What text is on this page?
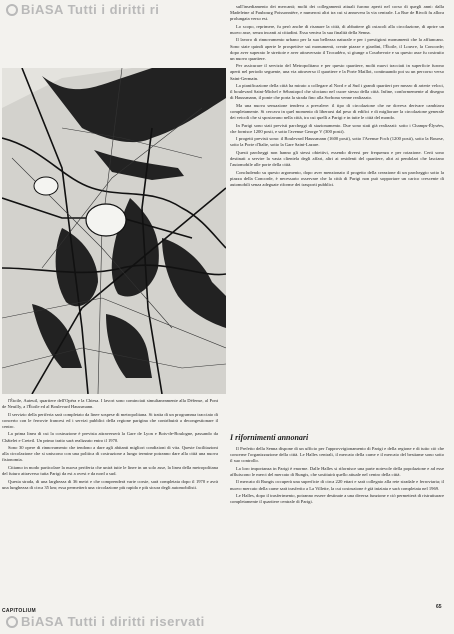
BiASA Tutti i diritti ri	sull'insediamento dei mercanti; molti dei collegamenti attuali furono aperti nel corso di quegli anni: dalla Madeleine al Faubourg Poissonnière, e numerosi altri tra cui si annovera la via centrale. La Rue de Rivoli fu allora prolungata verso est.

Lo scopo, reprimere, fu però anche di risanare la città, di abbattere gli ostacoli alla circolazione, di aprire un nuovo asse, senza incanti ai cittadini. Essa veniva la sua finalità della Senna.

Il lavoro di rinnovamento urbano per la sua bellezza naturale e per i prestigiosi monumenti che la affiancano. Sono state quindi aperte le prospettive sui monumenti, create piazze e giardini, l'Étoile, il Louvre, la Concorde; dopo aver superato le strettoie e aver attraversato il Trocadéro, si giunge a Courbevoie e su questo asse fu costruito un nuovo quartiere.

Per assicurare il servizio del Metropolitano e per questo quartiere, molti nuovi tracciati in superficie furono aperti nel periodo seguente, una via attraverso il quartiere e la Porte Maillot, continuando poi su un percorso verso Saint-Germain.

La pianificazione della città ha mirato a collegare al Nord e al Sud i grandi quartieri per mezzo di arterie veloci, il boulevard Saint-Michel e Sébastopol che sfociano nel cuore stesso della città. Infine, conformemente al disegno di Haussmann, il ponte che porta la strada fino alla Sorbona venne realizzato.

Ma una nuova sensazione tendeva a prevalere: il tipo di circolazione che ne doveva derivare cambiava completamente. Si cercava in quel momento di liberarsi dal peso di edifici e di migliorare la circolazione generale dei veicoli che si spostavano nella città, tra cui quelli a Parigi e in tutte le città del mondo.

In Parigi sono stati previsti parcheggi di stazionamento. Due sono stati già realizzati: sotto i Champs-Élysées, che fornisce 1200 posti, e sotto l'avenue George V (300 posti).

I progetti previsti sono: il Boulevard Haussmann (1600 posti), sotto l'Avenue Foch (1200 posti), sotto la Bourse, sotto la Porte d'Italie, sotto la Gare Saint-Lazare.

Questi parcheggi non hanno gli stessi obiettivi, essendo diversi per frequenza e per rotazione. Certi sono destinati a servire la vasta clientela degli affari, altri ai residenti del quartiere, altri ai pendolari che lasciano l'automobile alle porte della città.

Concludendo su questo argomento, dopo aver menzionato il progetto della creazione di un parcheggio sotto la piazza della Concorde, è necessario osservare che la città di Parigi non può sopportare un carico crescente di automobili senza adeguate riforme dei trasporti pubblici.

I rifornimenti annonari

Il Prefetto della Senna dispone di un ufficio per l'approvvigionamento di Parigi e della regione e di tutto ciò che concerne l'organizzazione della città. Le Halles centrali, il mercato della carne e il mercato del bestiame sono sotto il suo controllo.

La loro importanza in Parigi è enorme. Dalle Halles si rifornisce una parte notevole della popolazione e ad esse affluiscono le merci del mercato di Rungis, che sostituirà quello attuale nel centro della città.

Il mercato di Rungis occuperà una superficie di circa 220 ettari e sarà collegato alla rete stradale e ferroviaria; il nuovo mercato della carne sarà trasferito a La Villette, la cui costruzione è già iniziata e sarà completata nel 1969.

Le Halles, dopo il trasferimento, potranno essere destinate a una diversa funzione e ciò permetterà di ristrutturare completamente il quartiere centrale di Parigi.

l'Étoile, Auteuil, quartiere dell'Opéra e la Chiesa. I lavori sono cominciati simultaneamente alla Défense, al Pont de Neuilly, a l'Étoile ed al Boulevard Haussmann.

Il servizio della periferia sarà completato da linee sospese di metropolitana. Si tratta di un programma tracciato di concerto con le ferrovie francesi ed i servizi pubblici della regione parigina che contribuirà a decongestionare il centro.

La prima linea di cui la costruzione è prevista attraverserà la Gare de Lyon e Bois-de-Boulogne, passando da Châtelet e Creteil. Un primo tratto sarà realizzato entro il 1970.

Sono 30 opere di rinnovamento che tendono a dare agli abitanti migliori condizioni di vita. Queste facilitazioni alla circolazione che si uniscono con una politica di costruzione a lungo termine potranno dare alla città una nuova fisionomia.

Citiamo in modo particolare la nuova periferia che unirà tutte le linee in un solo asse, la linea della metropolitana del futuro attraverso tutta Parigi da est a ovest e da nord a sud.

Questa strada, di una larghezza di 36 metri e che comprenderà varie corsie, sarà completata dopo il 1970 e avrà una lunghezza di circa 35 km; essa permetterà una circolazione più rapida e più sicura degli automobilisti.

CAPITOLIUM
65
BiASA Tutti i diritti riservati
